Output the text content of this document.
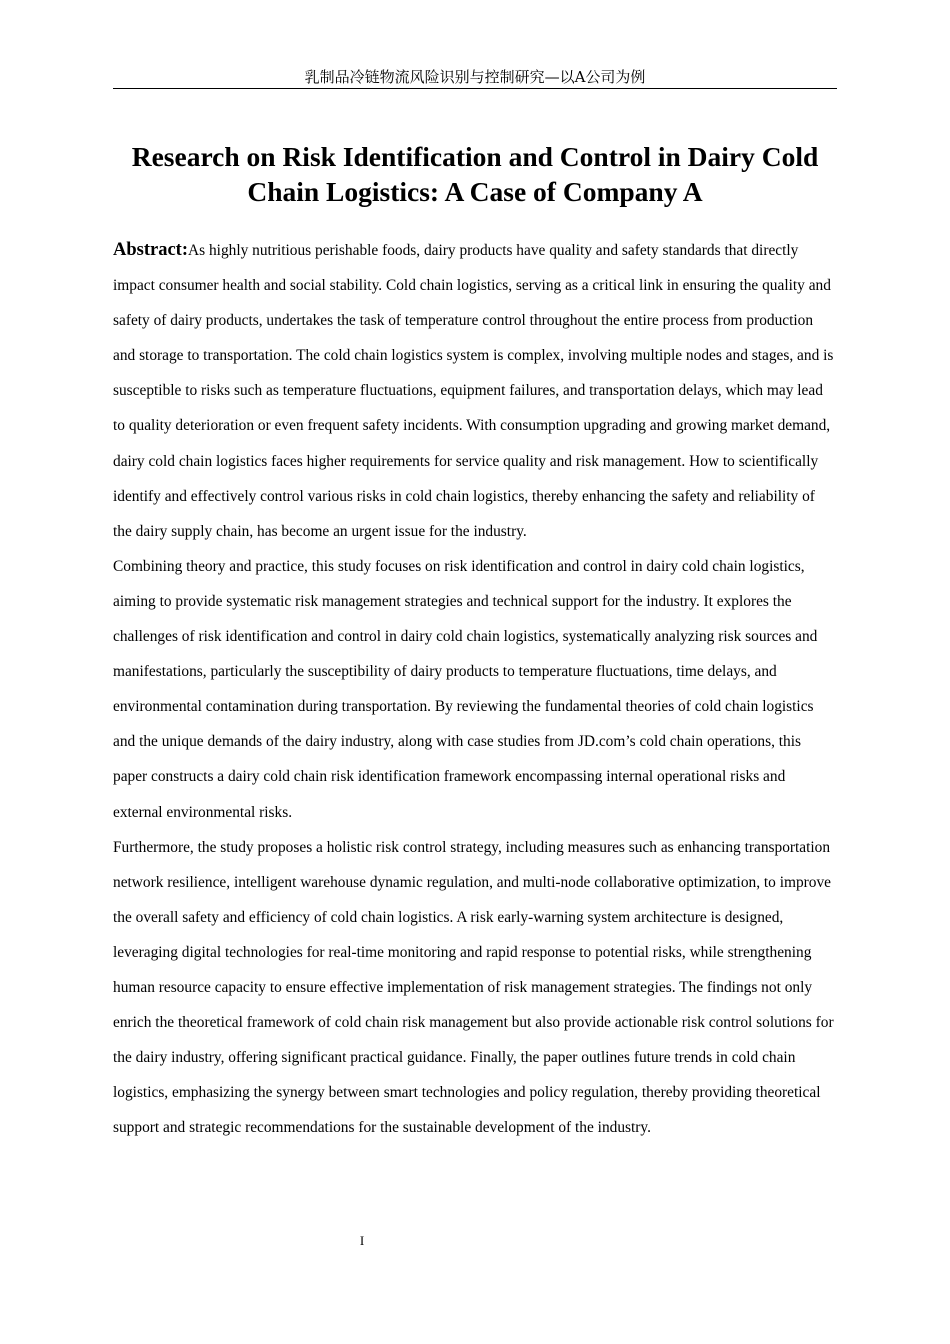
乳制品冷链物流风险识别与控制研究—以A公司为例
Research on Risk Identification and Control in Dairy Cold Chain Logistics: A Case of Company A

Abstract:As highly nutritious perishable foods, dairy products have quality and safety standards that directly impact consumer health and social stability. Cold chain logistics, serving as a critical link in ensuring the quality and safety of dairy products, undertakes the task of temperature control throughout the entire process from production and storage to transportation. The cold chain logistics system is complex, involving multiple nodes and stages, and is susceptible to risks such as temperature fluctuations, equipment failures, and transportation delays, which may lead to quality deterioration or even frequent safety incidents. With consumption upgrading and growing market demand, dairy cold chain logistics faces higher requirements for service quality and risk management. How to scientifically identify and effectively control various risks in cold chain logistics, thereby enhancing the safety and reliability of the dairy supply chain, has become an urgent issue for the industry.

Combining theory and practice, this study focuses on risk identification and control in dairy cold chain logistics, aiming to provide systematic risk management strategies and technical support for the industry. It explores the challenges of risk identification and control in dairy cold chain logistics, systematically analyzing risk sources and manifestations, particularly the susceptibility of dairy products to temperature fluctuations, time delays, and environmental contamination during transportation. By reviewing the fundamental theories of cold chain logistics and the unique demands of the dairy industry, along with case studies from JD.com’s cold chain operations, this paper constructs a dairy cold chain risk identification framework encompassing internal operational risks and external environmental risks.

Furthermore, the study proposes a holistic risk control strategy, including measures such as enhancing transportation network resilience, intelligent warehouse dynamic regulation, and multi-node collaborative optimization, to improve the overall safety and efficiency of cold chain logistics. A risk early-warning system architecture is designed, leveraging digital technologies for real-time monitoring and rapid response to potential risks, while strengthening human resource capacity to ensure effective implementation of risk management strategies. The findings not only enrich the theoretical framework of cold chain risk management but also provide actionable risk control solutions for the dairy industry, offering significant practical guidance. Finally, the paper outlines future trends in cold chain logistics, emphasizing the synergy between smart technologies and policy regulation, thereby providing theoretical support and strategic recommendations for the sustainable development of the industry.

I
